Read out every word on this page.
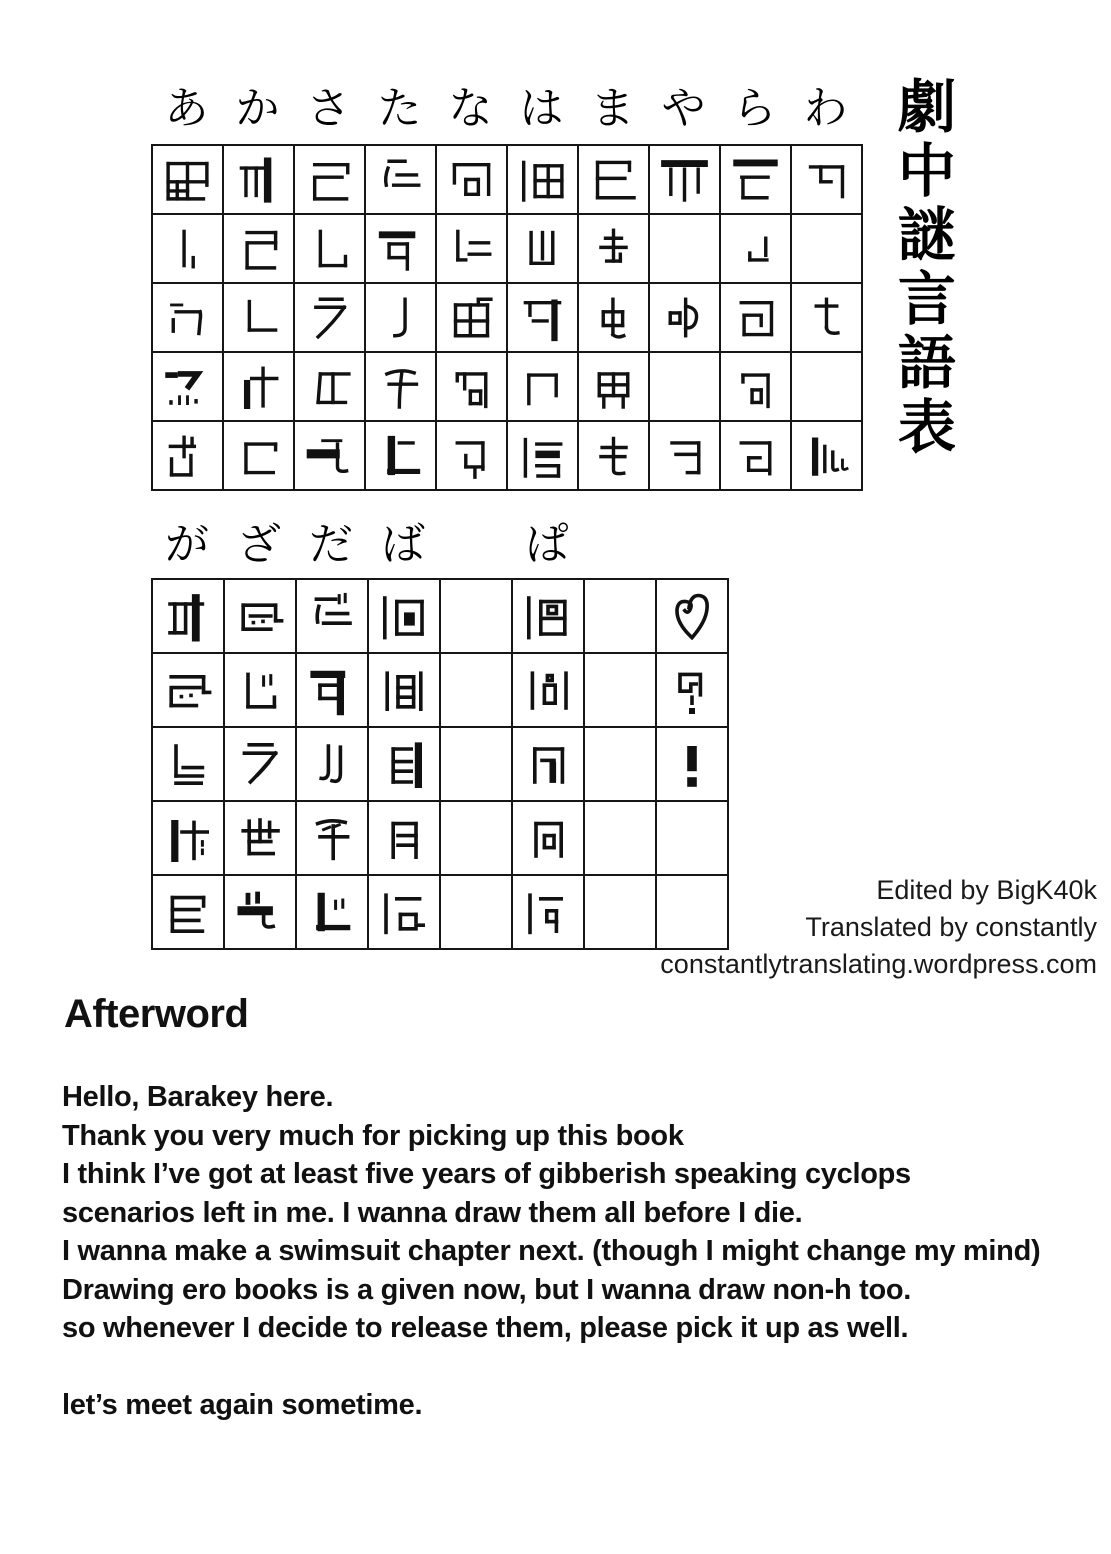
あ か さ た な は ま や ら わ 劇中謎言語表
が ざ だ ば ぱ
Edited by BigK40k
Translated by constantly
constantlytranslating.wordpress.com
Afterword
Hello, Barakey here.
Thank you very much for picking up this book
I think I’ve got at least five years of gibberish speaking cyclops
scenarios left in me. I wanna draw them all before I die.
I wanna make a swimsuit chapter next. (though I might change my mind)
Drawing ero books is a given now, but I wanna draw non-h too.
so whenever I decide to release them, please pick it up as well.

let’s meet again sometime.
